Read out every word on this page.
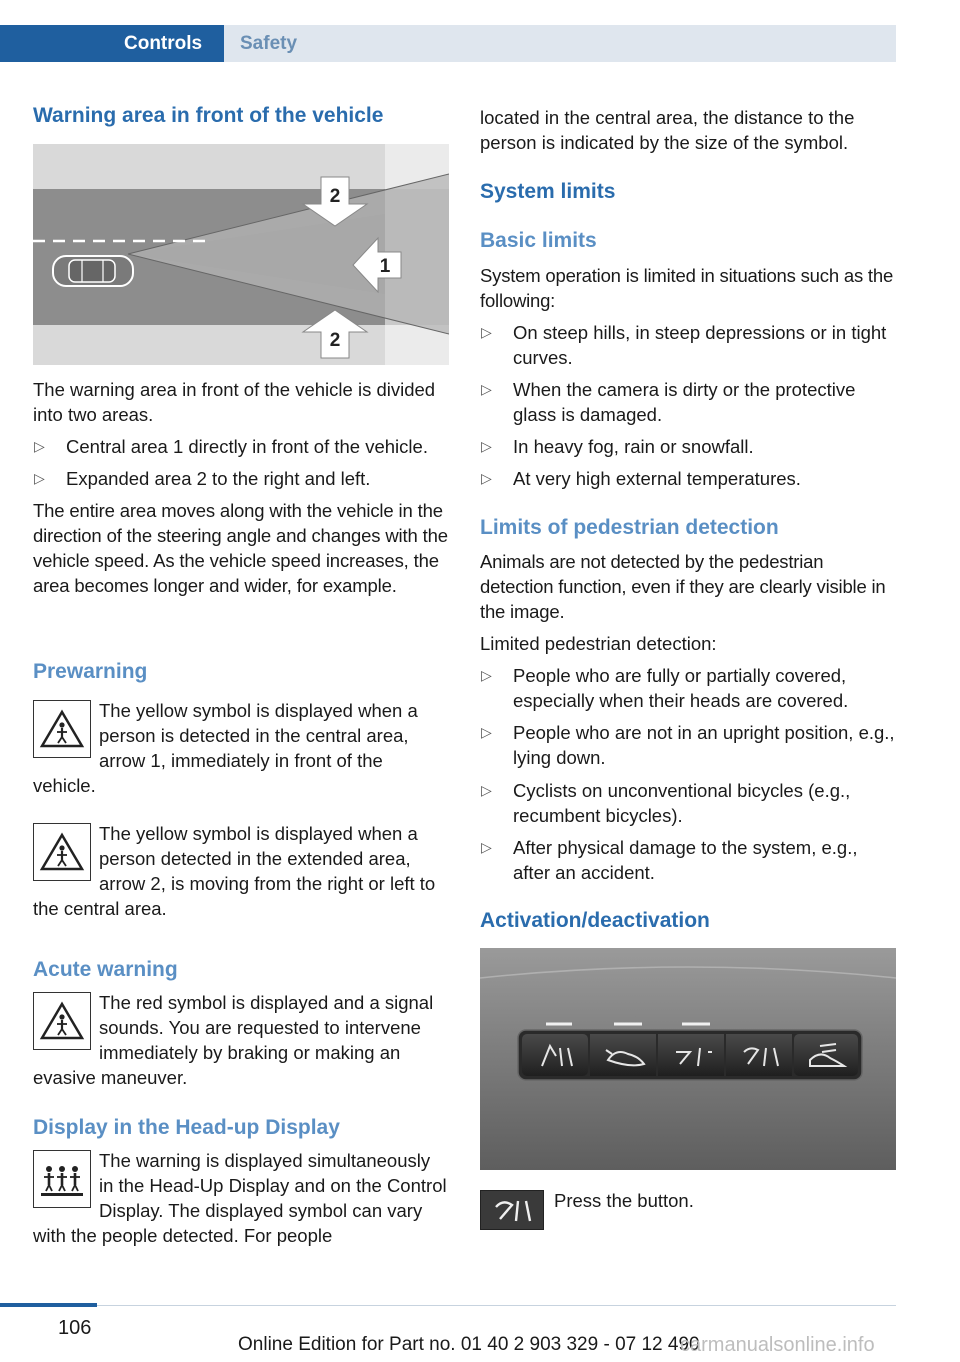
Controls Safety
Warning area in front of the vehicle
2
1
2
The warning area in front of the vehicle is divided into two areas.
▷ Central area 1 directly in front of the vehicle.
▷ Expanded area 2 to the right and left.
The entire area moves along with the vehicle in the direction of the steering angle and changes with the vehicle speed. As the vehicle speed increases, the area becomes longer and wider, for example.
Prewarning
The yellow symbol is displayed when a person is detected in the central area, arrow 1, immediately in front of the vehicle.
The yellow symbol is displayed when a person detected in the extended area, arrow 2, is moving from the right or left to the central area.
Acute warning
The red symbol is displayed and a signal sounds. You are requested to intervene immediately by braking or making an evasive maneuver.
Display in the Head-up Display
The warning is displayed simultaneously in the Head-Up Display and on the Control Display. The displayed symbol can vary with the people detected. For people
located in the central area, the distance to the person is indicated by the size of the symbol.
System limits
Basic limits
System operation is limited in situations such as the following:
▷ On steep hills, in steep depressions or in tight curves.
▷ When the camera is dirty or the protective glass is damaged.
▷ In heavy fog, rain or snowfall.
▷ At very high external temperatures.
Limits of pedestrian detection
Animals are not detected by the pedestrian detection function, even if they are clearly visible in the image.
Limited pedestrian detection:
▷ People who are fully or partially covered, especially when their heads are covered.
▷ People who are not in an upright position, e.g., lying down.
▷ Cyclists on unconventional bicycles (e.g., recumbent bicycles).
▷ After physical damage to the system, e.g., after an accident.
Activation/deactivation
Press the button.
106
Online Edition for Part no. 01 40 2 903 329 - 07 12 490
carmanualsonline.info
